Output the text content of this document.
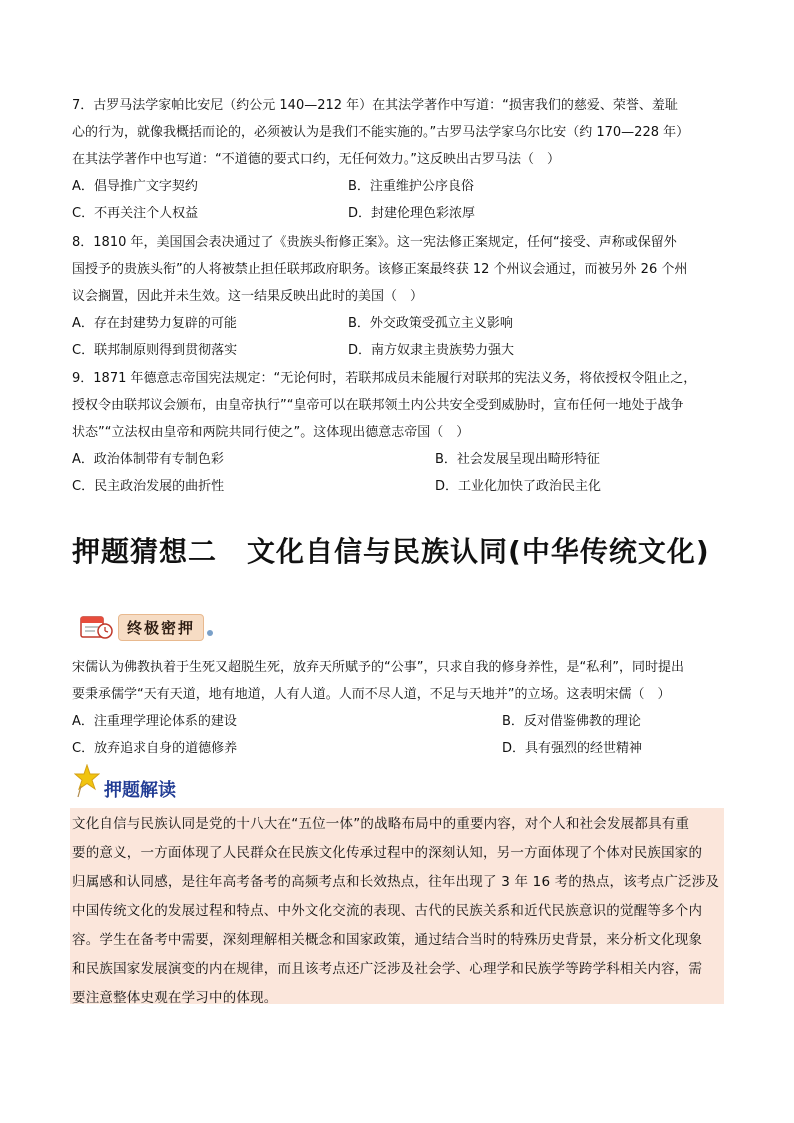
7．古罗马法学家帕比安尼（约公元 140—212 年）在其法学著作中写道：“损害我们的慈爱、荣誉、羞耻

心的行为，就像我概括而论的，必须被认为是我们不能实施的。”古罗马法学家乌尔比安（约 170—228 年）

在其法学著作中也写道：“不道德的要式口约，无任何效力。”这反映出古罗马法（　）

A．倡导推广文字契约	B．注重维护公序良俗
C．不再关注个人权益	D．封建伦理色彩浓厚

8．1810 年，美国国会表决通过了《贵族头衔修正案》。这一宪法修正案规定，任何“接受、声称或保留外

国授予的贵族头衔”的人将被禁止担任联邦政府职务。该修正案最终获 12 个州议会通过，而被另外 26 个州

议会搁置，因此并未生效。这一结果反映出此时的美国（　）

A．存在封建势力复辟的可能	B．外交政策受孤立主义影响
C．联邦制原则得到贯彻落实	D．南方奴隶主贵族势力强大

9．1871 年德意志帝国宪法规定：“无论何时，若联邦成员未能履行对联邦的宪法义务，将依授权令阻止之，

授权令由联邦议会颁布，由皇帝执行”“皇帝可以在联邦领土内公共安全受到威胁时，宣布任何一地处于战争

状态”“立法权由皇帝和两院共同行使之”。这体现出德意志帝国（　）

A．政治体制带有专制色彩	B．社会发展呈现出畸形特征
C．民主政治发展的曲折性	D．工业化加快了政治民主化
押题猜想二 文化自信与民族认同(中华传统文化)
终极密押

宋儒认为佛教执着于生死又超脱生死，放弃天所赋予的“公事”，只求自我的修身养性，是“私利”，同时提出

要秉承儒学“天有天道，地有地道，人有人道。人而不尽人道，不足与天地并”的立场。这表明宋儒（　）

A．注重理学理论体系的建设	B．反对借鉴佛教的理论
C．放弃追求自身的道德修养	D．具有强烈的经世精神
押题解读
文化自信与民族认同是党的十八大在“五位一体”的战略布局中的重要内容，对个人和社会发展都具有重
要的意义，一方面体现了人民群众在民族文化传承过程中的深刻认知，另一方面体现了个体对民族国家的
归属感和认同感，是往年高考备考的高频考点和长效热点，往年出现了 3 年 16 考的热点，该考点广泛涉及
中国传统文化的发展过程和特点、中外文化交流的表现、古代的民族关系和近代民族意识的觉醒等多个内
容。学生在备考中需要，深刻理解相关概念和国家政策，通过结合当时的特殊历史背景，来分析文化现象
和民族国家发展演变的内在规律，而且该考点还广泛涉及社会学、心理学和民族学等跨学科相关内容，需
要注意整体史观在学习中的体现。
